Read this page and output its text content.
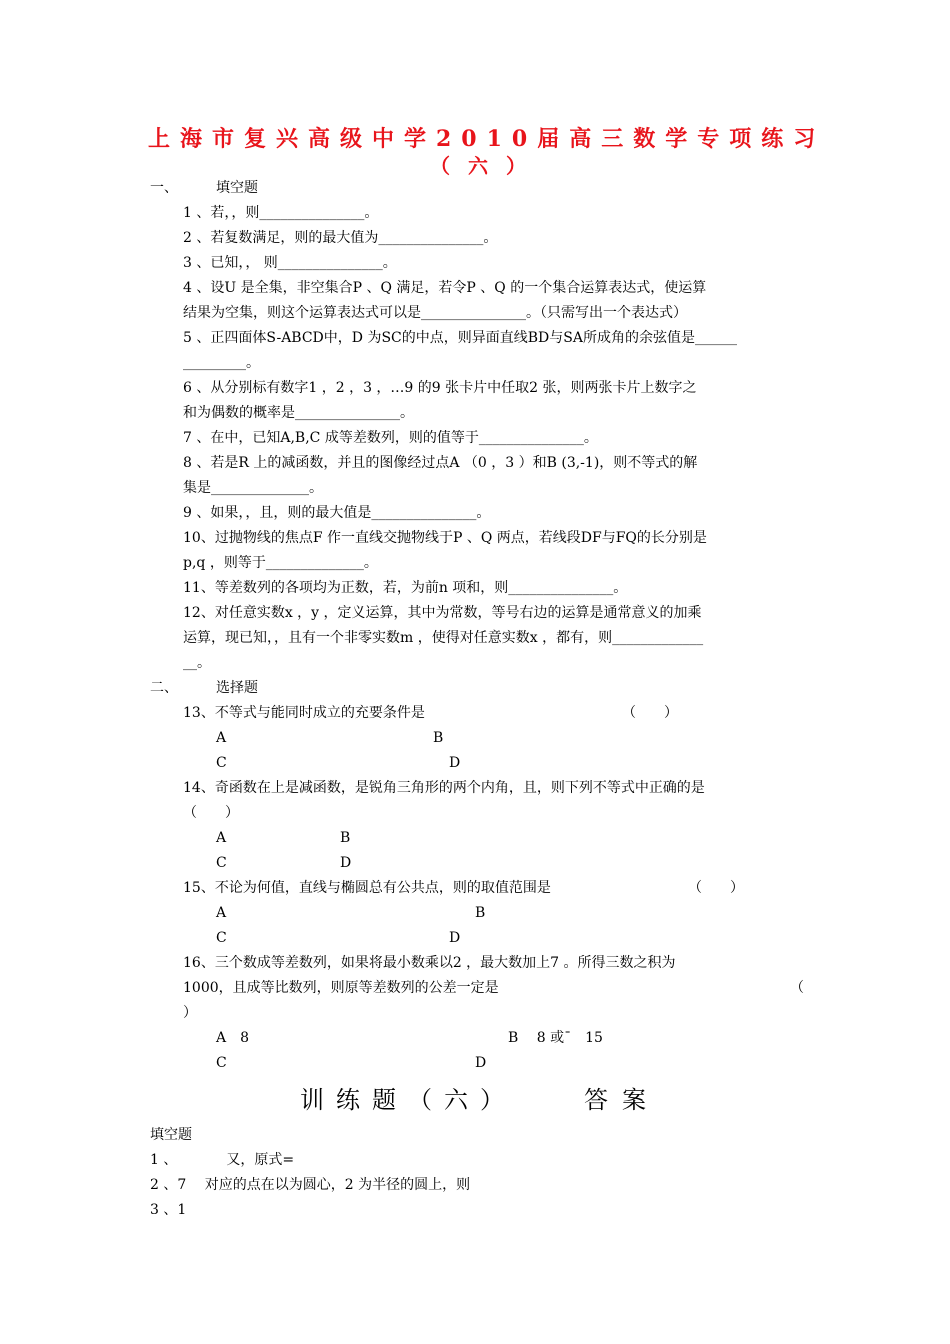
上海市复兴高级中学2010届高三数学专项练习
（六）
一、	填空题
1 、若，，则_______________。
2 、若复数满足，则的最大值为_______________。
3 、已知，， 则_______________。
4 、设U 是全集，非空集合P 、Q 满足，若令P 、Q 的一个集合运算表达式，使运算
结果为空集，则这个运算表达式可以是_______________。（只需写出一个表达式）
5 、正四面体S-ABCD中，D 为SC的中点，则异面直线BD与SA所成角的余弦值是______
_________。
6 、从分别标有数字1 ，2 ，3 ，…9 的9 张卡片中任取2 张，则两张卡片上数字之
和为偶数的概率是_______________。
7 、在中，已知A,B,C 成等差数列，则的值等于_______________。
8 、若是R 上的减函数，并且的图像经过点A （0 ，3 ）和B (3,-1)，则不等式的解
集是______________。
9 、如果，，且，则的最大值是_______________。
10、过抛物线的焦点F 作一直线交抛物线于P 、Q 两点，若线段DF与FQ的长分别是
p,q ，则等于______________。
11、等差数列的各项均为正数，若，为前n 项和，则_______________。
12、对任意实数x ，y ，定义运算，其中为常数，等号右边的运算是通常意义的加乘
运算，现已知，，且有一个非零实数m ，使得对任意实数x ，都有，则_____________
__。
二、	选择题
13、不等式与能同时成立的充要条件是	（　　）
A	B
C	D
14、奇函数在上是减函数，是锐角三角形的两个内角，且，则下列不等式中正确的是
（　　）
A	B
C	D
15、不论为何值，直线与椭圆总有公共点，则的取值范围是	（　　）
A	B
C	D
16、三个数成等差数列，如果将最小数乘以2 ，最大数加上7 。所得三数之积为
1000，且成等比数列，则原等差数列的公差一定是	（
）
A　8	B　 8 或ˉ　15
C	D
训练题（六）	答案
填空题
1 、　　　　又，原式=
2 、7　 对应的点在以为圆心，2 为半径的圆上，则
3 、1
